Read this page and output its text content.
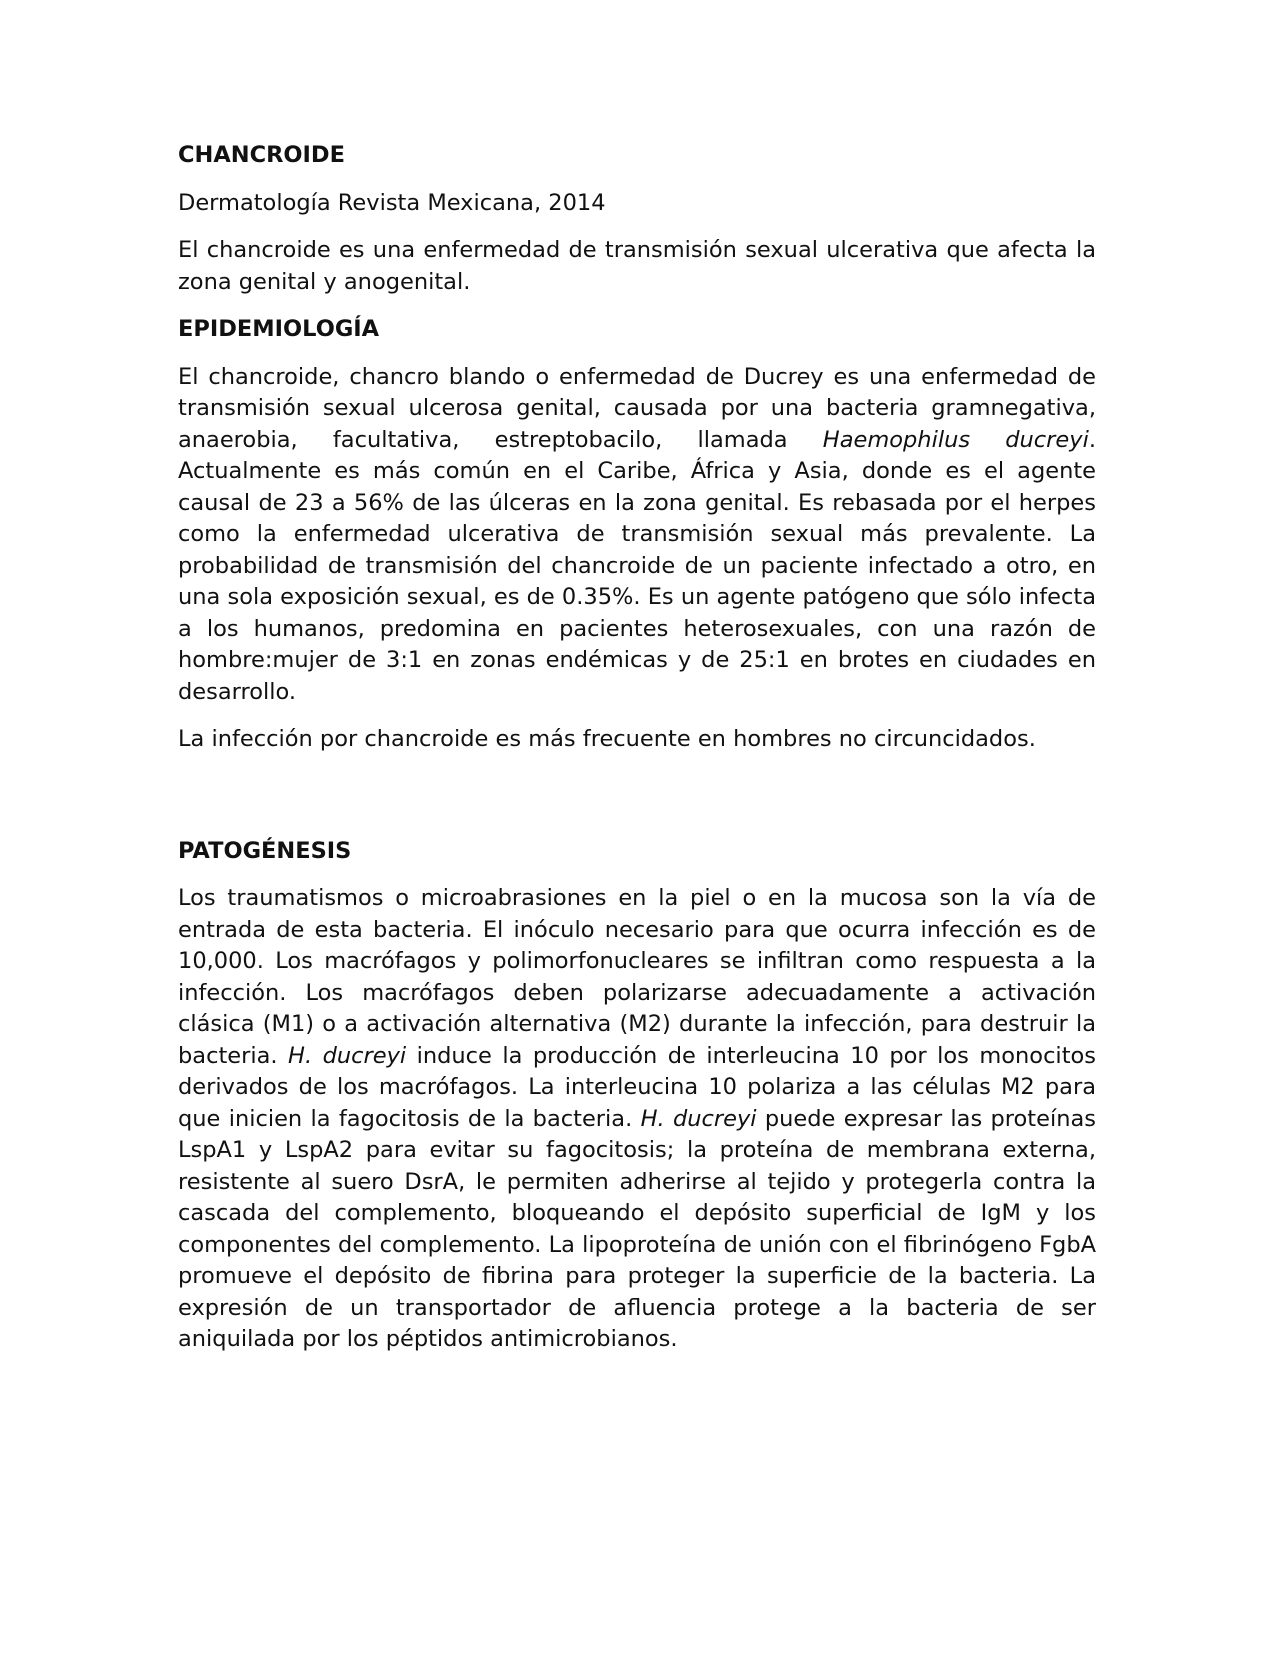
CHANCROIDE

Dermatología Revista Mexicana, 2014

El chancroide es una enfermedad de transmisión sexual ulcerativa que afecta la zona genital y anogenital.

EPIDEMIOLOGÍA

El chancroide, chancro blando o enfermedad de Ducrey es una enfermedad de transmisión sexual ulcerosa genital, causada por una bacteria gramnegativa, anaerobia, facultativa, estreptobacilo, llamada Haemophilus ducreyi. Actualmente es más común en el Caribe, África y Asia, donde es el agente causal de 23 a 56% de las úlceras en la zona genital. Es rebasada por el herpes como la enfermedad ulcerativa de transmisión sexual más prevalente. La probabilidad de transmisión del chancroide de un paciente infectado a otro, en una sola exposición sexual, es de 0.35%. Es un agente patógeno que sólo infecta a los humanos, predomina en pacientes heterosexuales, con una razón de hombre:mujer de 3:1 en zonas endémicas y de 25:1 en brotes en ciudades en desarrollo.

La infección por chancroide es más frecuente en hombres no circuncidados.

PATOGÉNESIS

Los traumatismos o microabrasiones en la piel o en la mucosa son la vía de entrada de esta bacteria. El inóculo necesario para que ocurra infección es de 10,000. Los macrófagos y polimorfonucleares se infiltran como respuesta a la infección. Los macrófagos deben polarizarse adecuadamente a activación clásica (M1) o a activación alternativa (M2) durante la infección, para destruir la bacteria. H. ducreyi induce la producción de interleucina 10 por los monocitos derivados de los macrófagos. La interleucina 10 polariza a las células M2 para que inicien la fagocitosis de la bacteria. H. ducreyi puede expresar las proteínas LspA1 y LspA2 para evitar su fagocitosis; la proteína de membrana externa, resistente al suero DsrA, le permiten adherirse al tejido y protegerla contra la cascada del complemento, bloqueando el depósito superficial de IgM y los componentes del complemento. La lipoproteína de unión con el fibrinógeno FgbA promueve el depósito de fibrina para proteger la superficie de la bacteria. La expresión de un transportador de afluencia protege a la bacteria de ser aniquilada por los péptidos antimicrobianos.
